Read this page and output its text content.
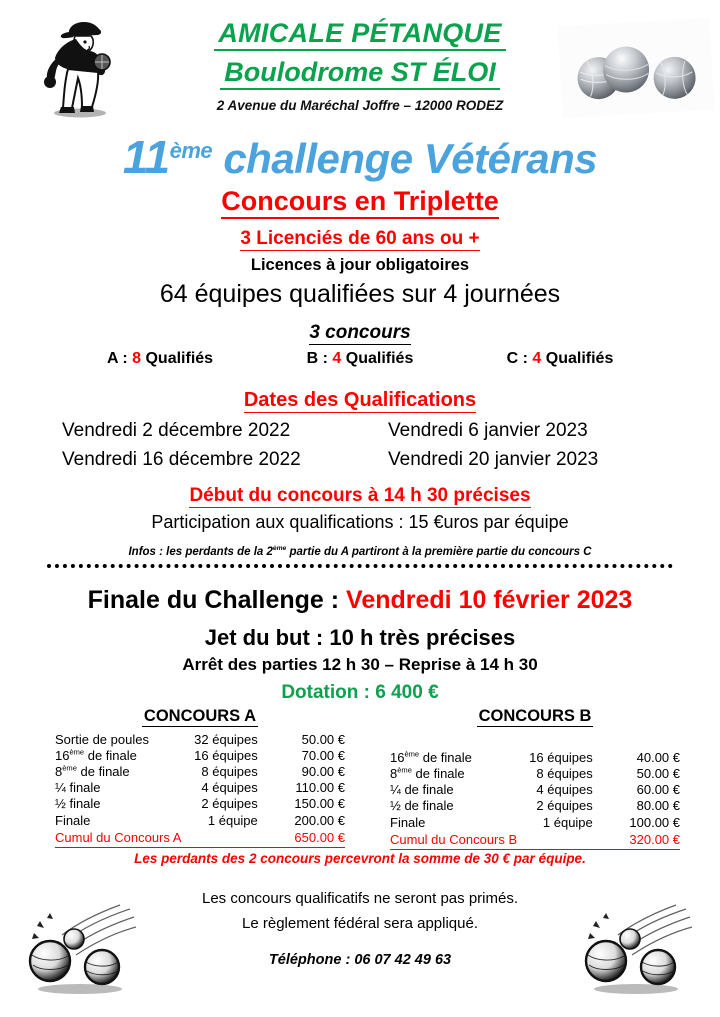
AMICALE PÉTANQUE
Boulodrome ST ÉLOI
2 Avenue du Maréchal Joffre – 12000 RODEZ
11ème challenge Vétérans
Concours en Triplette
3 Licenciés de 60 ans ou +
Licences à jour obligatoires
64 équipes qualifiées sur 4 journées
3 concours
A : 8 Qualifiés	B : 4 Qualifiés	C : 4 Qualifiés
Dates des Qualifications
Vendredi 2 décembre 2022	Vendredi 6 janvier 2023
Vendredi 16 décembre 2022	Vendredi 20 janvier 2023
Début du concours à 14 h 30 précises
Participation aux qualifications : 15 €uros par équipe
Infos : les perdants de la 2ème partie du A partiront à la première partie du concours C
Finale du Challenge : Vendredi 10 février 2023
Jet du but : 10 h très précises
Arrêt des parties 12 h 30 – Reprise à 14 h 30
Dotation : 6 400 €
CONCOURS A
Sortie de poules	32 équipes	50.00 €
16ème de finale	16 équipes	70.00 €
8ème de finale	8 équipes	90.00 €
¼ finale	4 équipes	110.00 €
½ finale	2 équipes	150.00 €
Finale	1 équipe	200.00 €
Cumul du Concours A		650.00 €
CONCOURS B

16ème de finale	16 équipes	40.00 €
8ème de finale	8 équipes	50.00 €
¼ de finale	4 équipes	60.00 €
½ de finale	2 équipes	80.00 €
Finale	1 équipe	100.00 €
Cumul du Concours B		320.00 €
Les perdants des 2 concours percevront la somme de 30 € par équipe.
Les concours qualificatifs ne seront pas primés.
Le règlement fédéral sera appliqué.
Téléphone : 06 07 42 49 63
